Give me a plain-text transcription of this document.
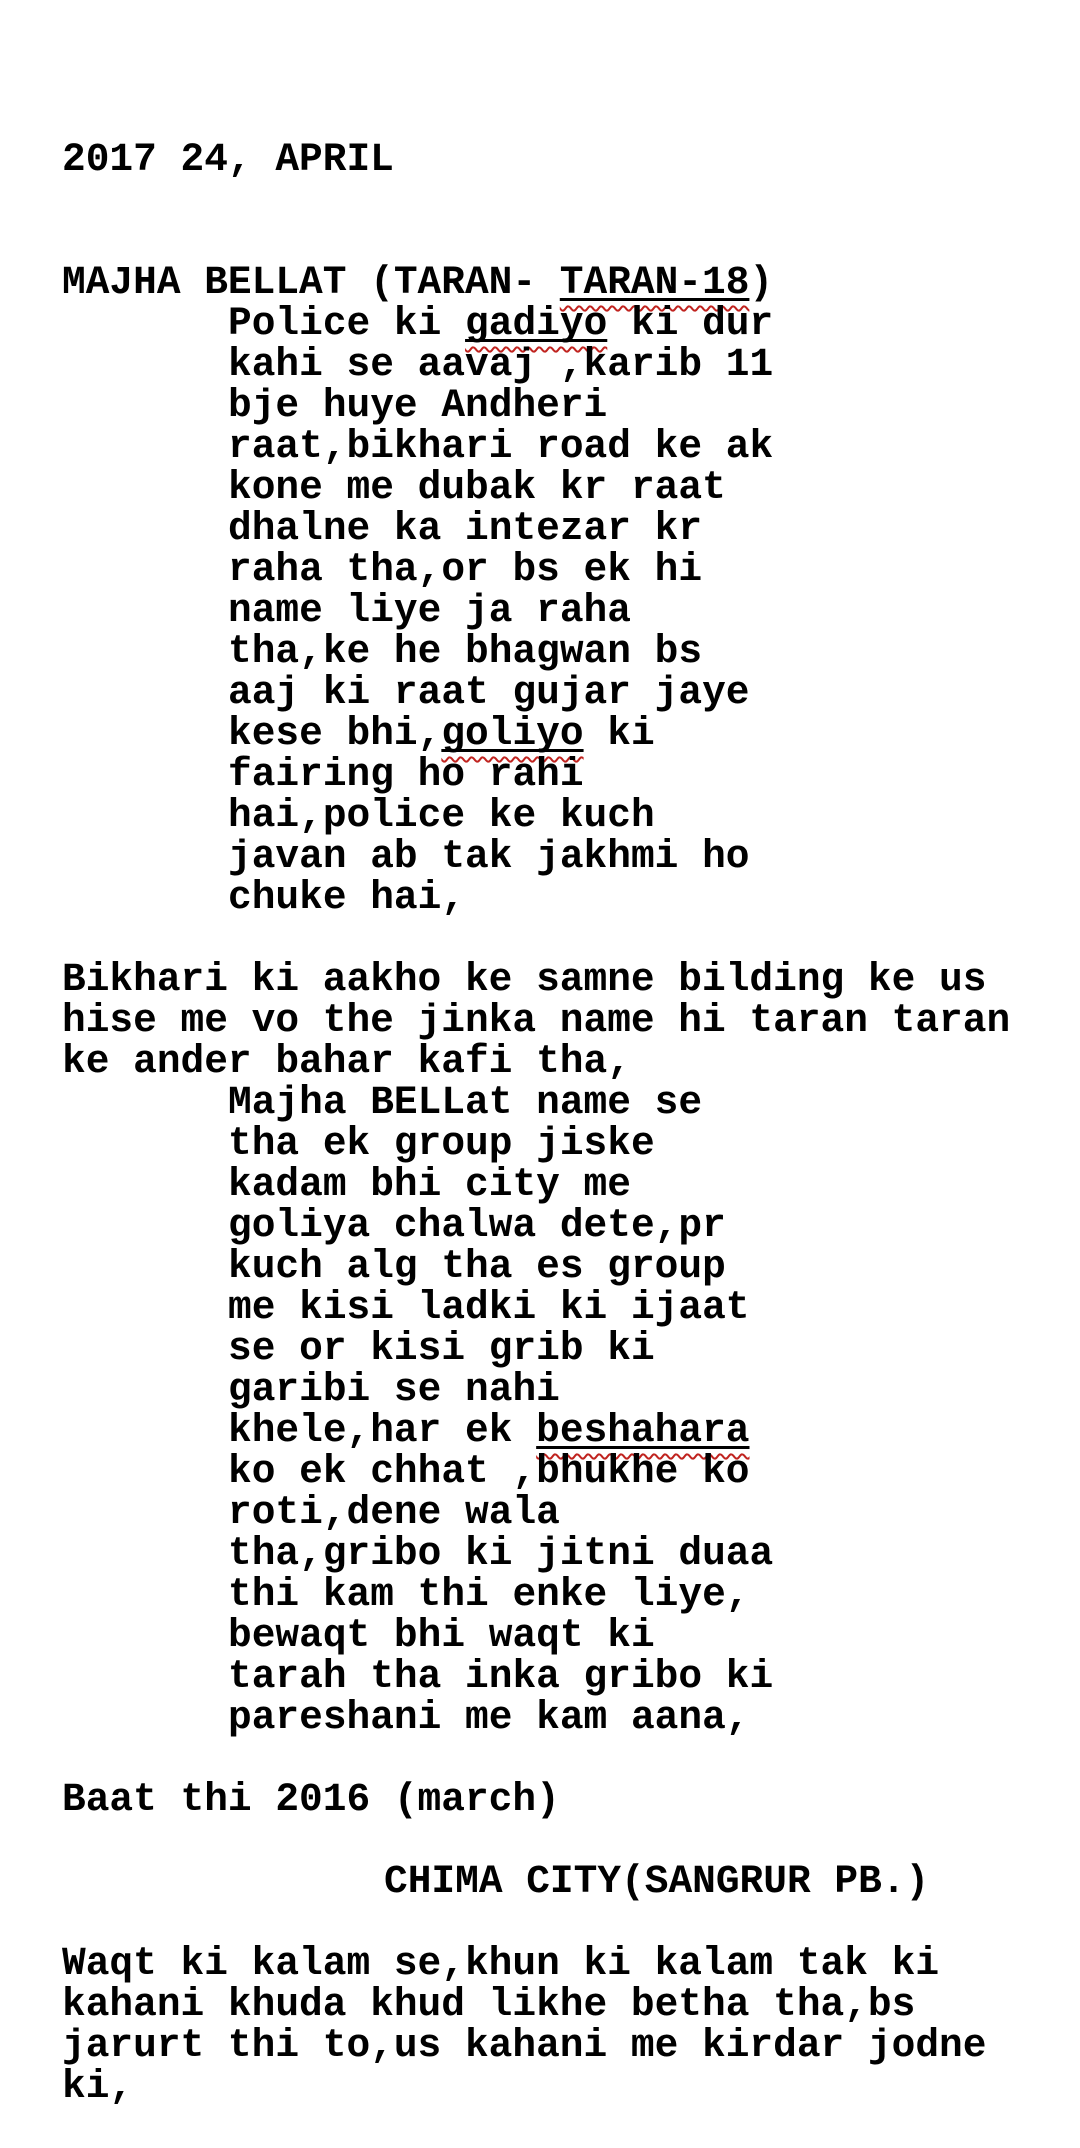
2017 24, APRIL
MAJHA BELLAT (TARAN- TARAN-18)
Police ki gadiyo ki dur
kahi se aavaj ,karib 11
bje huye Andheri
raat,bikhari road ke ak
kone me dubak kr raat
dhalne ka intezar kr
raha tha,or bs ek hi
name liye ja raha
tha,ke he bhagwan bs
aaj ki raat gujar jaye
kese bhi,goliyo ki
fairing ho rahi
hai,police ke kuch
javan ab tak jakhmi ho
chuke hai,
Bikhari ki aakho ke samne bilding ke us
hise me vo the jinka name hi taran taran
ke ander bahar kafi tha,
Majha BELLat name se
tha ek group jiske
kadam bhi city me
goliya chalwa dete,pr
kuch alg tha es group
me kisi ladki ki ijaat
se or kisi grib ki
garibi se nahi
khele,har ek beshahara
ko ek chhat ,bhukhe ko
roti,dene wala
tha,gribo ki jitni duaa
thi kam thi enke liye,
bewaqt bhi waqt ki
tarah tha inka gribo ki
pareshani me kam aana,
Baat thi 2016 (march)
CHIMA CITY(SANGRUR PB.)
Waqt ki kalam se,khun ki kalam tak ki
kahani khuda khud likhe betha tha,bs
jarurt thi to,us kahani me kirdar jodne
ki,
